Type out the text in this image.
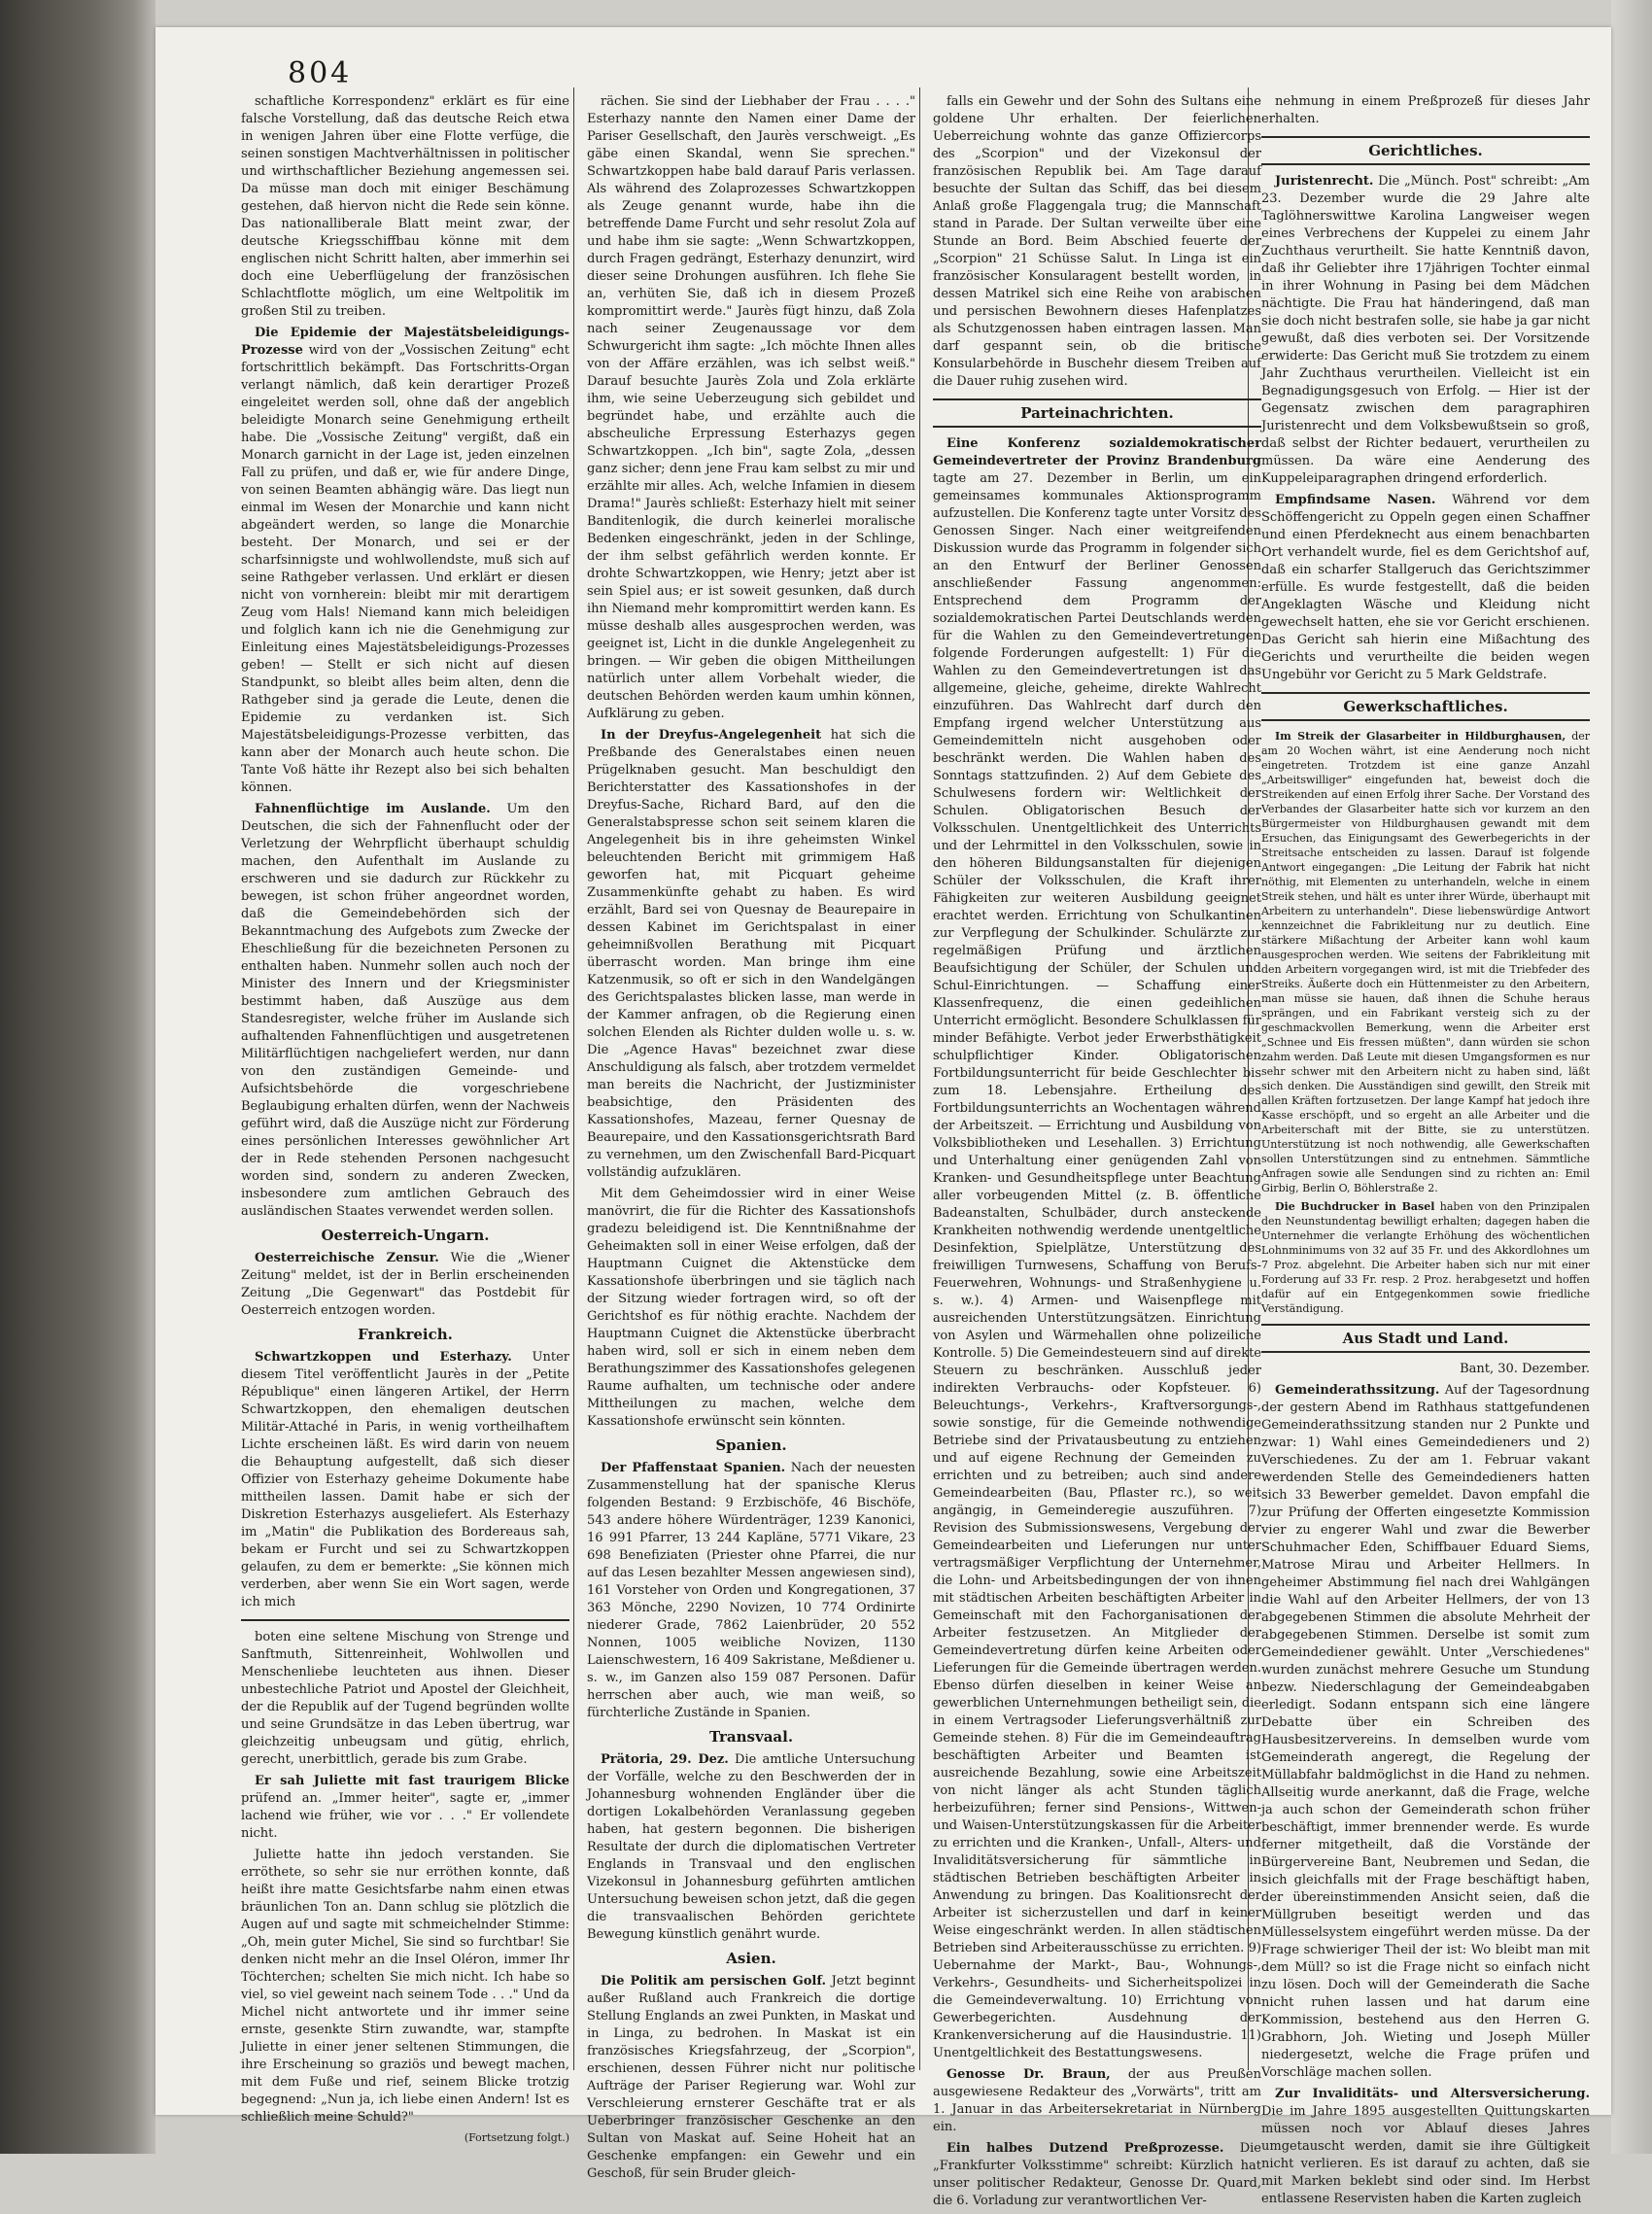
804

schaftliche Korrespondenz" erklärt es für eine falsche Vorstellung, daß das deutsche Reich etwa in wenigen Jahren über eine Flotte verfüge, die seinen sonstigen Machtverhältnissen in politischer und wirthschaftlicher Beziehung angemessen sei. Da müsse man doch mit einiger Beschämung gestehen, daß hiervon nicht die Rede sein könne. Das nationalliberale Blatt meint zwar, der deutsche Kriegsschiffbau könne mit dem englischen nicht Schritt halten, aber immerhin sei doch eine Ueberflügelung der französischen Schlachtflotte möglich, um eine Weltpolitik im großen Stil zu treiben.

Die Epidemie der Majestätsbeleidigungs-Prozesse wird von der „Vossischen Zeitung" echt fortschrittlich bekämpft. Das Fortschritts-Organ verlangt nämlich, daß kein derartiger Prozeß eingeleitet werden soll, ohne daß der angeblich beleidigte Monarch seine Genehmigung ertheilt habe. Die „Vossische Zeitung" vergißt, daß ein Monarch garnicht in der Lage ist, jeden einzelnen Fall zu prüfen, und daß er, wie für andere Dinge, von seinen Beamten abhängig wäre. Das liegt nun einmal im Wesen der Monarchie und kann nicht abgeändert werden, so lange die Monarchie besteht. Der Monarch, und sei er der scharfsinnigste und wohlwollendste, muß sich auf seine Rathgeber verlassen. Und erklärt er diesen nicht von vornherein: bleibt mir mit derartigem Zeug vom Hals! Niemand kann mich beleidigen und folglich kann ich nie die Genehmigung zur Einleitung eines Majestätsbeleidigungs-Prozesses geben! — Stellt er sich nicht auf diesen Standpunkt, so bleibt alles beim alten, denn die Rathgeber sind ja gerade die Leute, denen die Epidemie zu verdanken ist. Sich Majestätsbeleidigungs-Prozesse verbitten, das kann aber der Monarch auch heute schon. Die Tante Voß hätte ihr Rezept also bei sich behalten können.

Fahnenflüchtige im Auslande. Um den Deutschen, die sich der Fahnenflucht oder der Verletzung der Wehrpflicht überhaupt schuldig machen, den Aufenthalt im Auslande zu erschweren und sie dadurch zur Rückkehr zu bewegen, ist schon früher angeordnet worden, daß die Gemeindebehörden sich der Bekanntmachung des Aufgebots zum Zwecke der Eheschließung für die bezeichneten Personen zu enthalten haben. Nunmehr sollen auch noch der Minister des Innern und der Kriegsminister bestimmt haben, daß Auszüge aus dem Standesregister, welche früher im Auslande sich aufhaltenden Fahnenflüchtigen und ausgetretenen Militärflüchtigen nachgeliefert werden, nur dann von den zuständigen Gemeinde- und Aufsichtsbehörde die vorgeschriebene Beglaubigung erhalten dürfen, wenn der Nachweis geführt wird, daß die Auszüge nicht zur Förderung eines persönlichen Interesses gewöhnlicher Art der in Rede stehenden Personen nachgesucht worden sind, sondern zu anderen Zwecken, insbesondere zum amtlichen Gebrauch des ausländischen Staates verwendet werden sollen.

Oesterreich-Ungarn.

Oesterreichische Zensur. Wie die „Wiener Zeitung" meldet, ist der in Berlin erscheinenden Zeitung „Die Gegenwart" das Postdebit für Oesterreich entzogen worden.

Frankreich.

Schwartzkoppen und Esterhazy. Unter diesem Titel veröffentlicht Jaurès in der „Petite République" einen längeren Artikel, der Herrn Schwartzkoppen, den ehemaligen deutschen Militär-Attaché in Paris, in wenig vortheilhaftem Lichte erscheinen läßt. Es wird darin von neuem die Behauptung aufgestellt, daß sich dieser Offizier von Esterhazy geheime Dokumente habe mittheilen lassen. Damit habe er sich der Diskretion Esterhazys ausgeliefert. Als Esterhazy im „Matin" die Publikation des Bordereaus sah, bekam er Furcht und sei zu Schwartzkoppen gelaufen, zu dem er bemerkte: „Sie können mich verderben, aber wenn Sie ein Wort sagen, werde ich mich

boten eine seltene Mischung von Strenge und Sanftmuth, Sittenreinheit, Wohlwollen und Menschenliebe leuchteten aus ihnen. Dieser unbestechliche Patriot und Apostel der Gleichheit, der die Republik auf der Tugend begründen wollte und seine Grundsätze in das Leben übertrug, war gleichzeitig unbeugsam und gütig, ehrlich, gerecht, unerbittlich, gerade bis zum Grabe.

Er sah Juliette mit fast traurigem Blicke prüfend an. „Immer heiter", sagte er, „immer lachend wie früher, wie vor . . ." Er vollendete nicht.

Juliette hatte ihn jedoch verstanden. Sie erröthete, so sehr sie nur erröthen konnte, daß heißt ihre matte Gesichtsfarbe nahm einen etwas bräunlichen Ton an. Dann schlug sie plötzlich die Augen auf und sagte mit schmeichelnder Stimme: „Oh, mein guter Michel, Sie sind so furchtbar! Sie denken nicht mehr an die Insel Oléron, immer Ihr Töchterchen; schelten Sie mich nicht. Ich habe so viel, so viel geweint nach seinem Tode . . ." Und da Michel nicht antwortete und ihr immer seine ernste, gesenkte Stirn zuwandte, war, stampfte Juliette in einer jener seltenen Stimmungen, die ihre Erscheinung so graziös und bewegt machen, mit dem Fuße und rief, seinem Blicke trotzig begegnend: „Nun ja, ich liebe einen Andern! Ist es schließlich meine Schuld?"

(Fortsetzung folgt.)

rächen. Sie sind der Liebhaber der Frau . . . ." Esterhazy nannte den Namen einer Dame der Pariser Gesellschaft, den Jaurès verschweigt. „Es gäbe einen Skandal, wenn Sie sprechen." Schwartzkoppen habe bald darauf Paris verlassen. Als während des Zolaprozesses Schwartzkoppen als Zeuge genannt wurde, habe ihn die betreffende Dame Furcht und sehr resolut Zola auf und habe ihm sie sagte: „Wenn Schwartzkoppen, durch Fragen gedrängt, Esterhazy denunzirt, wird dieser seine Drohungen ausführen. Ich flehe Sie an, verhüten Sie, daß ich in diesem Prozeß kompromittirt werde." Jaurès fügt hinzu, daß Zola nach seiner Zeugenaussage vor dem Schwurgericht ihm sagte: „Ich möchte Ihnen alles von der Affäre erzählen, was ich selbst weiß." Darauf besuchte Jaurès Zola und Zola erklärte ihm, wie seine Ueberzeugung sich gebildet und begründet habe, und erzählte auch die abscheuliche Erpressung Esterhazys gegen Schwartzkoppen. „Ich bin", sagte Zola, „dessen ganz sicher; denn jene Frau kam selbst zu mir und erzählte mir alles. Ach, welche Infamien in diesem Drama!" Jaurès schließt: Esterhazy hielt mit seiner Banditenlogik, die durch keinerlei moralische Bedenken eingeschränkt, jeden in der Schlinge, der ihm selbst gefährlich werden konnte. Er drohte Schwartzkoppen, wie Henry; jetzt aber ist sein Spiel aus; er ist soweit gesunken, daß durch ihn Niemand mehr kompromittirt werden kann. Es müsse deshalb alles ausgesprochen werden, was geeignet ist, Licht in die dunkle Angelegenheit zu bringen. — Wir geben die obigen Mittheilungen natürlich unter allem Vorbehalt wieder, die deutschen Behörden werden kaum umhin können, Aufklärung zu geben.

In der Dreyfus-Angelegenheit hat sich die Preßbande des Generalstabes einen neuen Prügelknaben gesucht. Man beschuldigt den Berichterstatter des Kassationshofes in der Dreyfus-Sache, Richard Bard, auf den die Generalstabspresse schon seit seinem klaren die Angelegenheit bis in ihre geheimsten Winkel beleuchtenden Bericht mit grimmigem Haß geworfen hat, mit Picquart geheime Zusammenkünfte gehabt zu haben. Es wird erzählt, Bard sei von Quesnay de Beaurepaire in dessen Kabinet im Gerichtspalast in einer geheimnißvollen Berathung mit Picquart überrascht worden. Man bringe ihm eine Katzenmusik, so oft er sich in den Wandelgängen des Gerichtspalastes blicken lasse, man werde in der Kammer anfragen, ob die Regierung einen solchen Elenden als Richter dulden wolle u. s. w. Die „Agence Havas" bezeichnet zwar diese Anschuldigung als falsch, aber trotzdem vermeldet man bereits die Nachricht, der Justizminister beabsichtige, den Präsidenten des Kassationshofes, Mazeau, ferner Quesnay de Beaurepaire, und den Kassationsgerichtsrath Bard zu vernehmen, um den Zwischenfall Bard-Picquart vollständig aufzuklären.

Mit dem Geheimdossier wird in einer Weise manövrirt, die für die Richter des Kassationshofs gradezu beleidigend ist. Die Kenntnißnahme der Geheimakten soll in einer Weise erfolgen, daß der Hauptmann Cuignet die Aktenstücke dem Kassationshofe überbringen und sie täglich nach der Sitzung wieder fortragen wird, so oft der Gerichtshof es für nöthig erachte. Nachdem der Hauptmann Cuignet die Aktenstücke überbracht haben wird, soll er sich in einem neben dem Berathungszimmer des Kassationshofes gelegenen Raume aufhalten, um technische oder andere Mittheilungen zu machen, welche dem Kassationshofe erwünscht sein könnten.

Spanien.

Der Pfaffenstaat Spanien. Nach der neuesten Zusammenstellung hat der spanische Klerus folgenden Bestand: 9 Erzbischöfe, 46 Bischöfe, 543 andere höhere Würdenträger, 1239 Kanonici, 16 991 Pfarrer, 13 244 Kapläne, 5771 Vikare, 23 698 Benefiziaten (Priester ohne Pfarrei, die nur auf das Lesen bezahlter Messen angewiesen sind), 161 Vorsteher von Orden und Kongregationen, 37 363 Mönche, 2290 Novizen, 10 774 Ordinirte niederer Grade, 7862 Laienbrüder, 20 552 Nonnen, 1005 weibliche Novizen, 1130 Laienschwestern, 16 409 Sakristane, Meßdiener u. s. w., im Ganzen also 159 087 Personen. Dafür herrschen aber auch, wie man weiß, so fürchterliche Zustände in Spanien.

Transvaal.

Prätoria, 29. Dez. Die amtliche Untersuchung der Vorfälle, welche zu den Beschwerden der in Johannesburg wohnenden Engländer über die dortigen Lokalbehörden Veranlassung gegeben haben, hat gestern begonnen. Die bisherigen Resultate der durch die diplomatischen Vertreter Englands in Transvaal und den englischen Vizekonsul in Johannesburg geführten amtlichen Untersuchung beweisen schon jetzt, daß die gegen die transvaalischen Behörden gerichtete Bewegung künstlich genährt wurde.

Asien.

Die Politik am persischen Golf. Jetzt beginnt außer Rußland auch Frankreich die dortige Stellung Englands an zwei Punkten, in Maskat und in Linga, zu bedrohen. In Maskat ist ein französisches Kriegsfahrzeug, der „Scorpion", erschienen, dessen Führer nicht nur politische Aufträge der Pariser Regierung war. Wohl zur Verschleierung ernsterer Geschäfte trat er als Ueberbringer französischer Geschenke an den Sultan von Maskat auf. Seine Hoheit hat an Geschenke empfangen: ein Gewehr und ein Geschoß, für sein Bruder gleich-

falls ein Gewehr und der Sohn des Sultans eine goldene Uhr erhalten. Der feierlichen Ueberreichung wohnte das ganze Offiziercorps des „Scorpion" und der Vizekonsul der französischen Republik bei. Am Tage darauf besuchte der Sultan das Schiff, das bei diesem Anlaß große Flaggengala trug; die Mannschaft stand in Parade. Der Sultan verweilte über eine Stunde an Bord. Beim Abschied feuerte der „Scorpion" 21 Schüsse Salut. In Linga ist ein französischer Konsularagent bestellt worden, in dessen Matrikel sich eine Reihe von arabischen und persischen Bewohnern dieses Hafenplatzes als Schutzgenossen haben eintragen lassen. Man darf gespannt sein, ob die britische Konsularbehörde in Buschehr diesem Treiben auf die Dauer ruhig zusehen wird.

Parteinachrichten.

Eine Konferenz sozialdemokratischer Gemeindevertreter der Provinz Brandenburg tagte am 27. Dezember in Berlin, um ein gemeinsames kommunales Aktionsprogramm aufzustellen. Die Konferenz tagte unter Vorsitz des Genossen Singer. Nach einer weitgreifenden Diskussion wurde das Programm in folgender sich an den Entwurf der Berliner Genossen anschließender Fassung angenommen: Entsprechend dem Programm der sozialdemokratischen Partei Deutschlands werden für die Wahlen zu den Gemeindevertretungen folgende Forderungen aufgestellt: 1) Für die Wahlen zu den Gemeindevertretungen ist das allgemeine, gleiche, geheime, direkte Wahlrecht einzuführen. Das Wahlrecht darf durch den Empfang irgend welcher Unterstützung aus Gemeindemitteln nicht ausgehoben oder beschränkt werden. Die Wahlen haben des Sonntags stattzufinden. 2) Auf dem Gebiete des Schulwesens fordern wir: Weltlichkeit der Schulen. Obligatorischen Besuch der Volksschulen. Unentgeltlichkeit des Unterrichts und der Lehrmittel in den Volksschulen, sowie in den höheren Bildungsanstalten für diejenigen Schüler der Volksschulen, die Kraft ihrer Fähigkeiten zur weiteren Ausbildung geeignet erachtet werden. Errichtung von Schulkantinen zur Verpflegung der Schulkinder. Schulärzte zur regelmäßigen Prüfung und ärztlichen Beaufsichtigung der Schüler, der Schulen und Schul-Einrichtungen. — Schaffung einer Klassenfrequenz, die einen gedeihlichen Unterricht ermöglicht. Besondere Schulklassen für minder Befähigte. Verbot jeder Erwerbsthätigkeit schulpflichtiger Kinder. Obligatorischen Fortbildungsunterricht für beide Geschlechter bis zum 18. Lebensjahre. Ertheilung des Fortbildungsunterrichts an Wochentagen während der Arbeitszeit. — Errichtung und Ausbildung von Volksbibliotheken und Lesehallen. 3) Errichtung und Unterhaltung einer genügenden Zahl von Kranken- und Gesundheitspflege unter Beachtung aller vorbeugenden Mittel (z. B. öffentliche Badeanstalten, Schulbäder, durch ansteckende Krankheiten nothwendig werdende unentgeltliche Desinfektion, Spielplätze, Unterstützung des freiwilligen Turnwesens, Schaffung von Berufs-Feuerwehren, Wohnungs- und Straßenhygiene u. s. w.). 4) Armen- und Waisenpflege mit ausreichenden Unterstützungsätzen. Einrichtung von Asylen und Wärmehallen ohne polizeiliche Kontrolle. 5) Die Gemeindesteuern sind auf direkte Steuern zu beschränken. Ausschluß jeder indirekten Verbrauchs- oder Kopfsteuer. 6) Beleuchtungs-, Verkehrs-, Kraftversorgungs-, sowie sonstige, für die Gemeinde nothwendige Betriebe sind der Privatausbeutung zu entziehen und auf eigene Rechnung der Gemeinden zu errichten und zu betreiben; auch sind andere Gemeindearbeiten (Bau, Pflaster rc.), so weit angängig, in Gemeinderegie auszuführen. 7) Revision des Submissionswesens, Vergebung der Gemeindearbeiten und Lieferungen nur unter vertragsmäßiger Verpflichtung der Unternehmer, die Lohn- und Arbeitsbedingungen der von ihnen mit städtischen Arbeiten beschäftigten Arbeiter in Gemeinschaft mit den Fachorganisationen der Arbeiter festzusetzen. An Mitglieder der Gemeindevertretung dürfen keine Arbeiten oder Lieferungen für die Gemeinde übertragen werden. Ebenso dürfen dieselben in keiner Weise an gewerblichen Unternehmungen betheiligt sein, die in einem Vertragsoder Lieferungsverhältniß zur Gemeinde stehen. 8) Für die im Gemeindeauftrag beschäftigten Arbeiter und Beamten ist ausreichende Bezahlung, sowie eine Arbeitszeit von nicht länger als acht Stunden täglich herbeizuführen; ferner sind Pensions-, Wittwen- und Waisen-Unterstützungskassen für die Arbeiter zu errichten und die Kranken-, Unfall-, Alters- und Invaliditätsversicherung für sämmtliche in städtischen Betrieben beschäftigten Arbeiter in Anwendung zu bringen. Das Koalitionsrecht der Arbeiter ist sicherzustellen und darf in keiner Weise eingeschränkt werden. In allen städtischen Betrieben sind Arbeiterausschüsse zu errichten. 9) Uebernahme der Markt-, Bau-, Wohnungs-, Verkehrs-, Gesundheits- und Sicherheitspolizei in die Gemeindeverwaltung. 10) Errichtung von Gewerbegerichten. Ausdehnung der Krankenversicherung auf die Hausindustrie. 11) Unentgeltlichkeit des Bestattungswesens.

Genosse Dr. Braun, der aus Preußen ausgewiesene Redakteur des „Vorwärts", tritt am 1. Januar in das Arbeitersekretariat in Nürnberg ein.

Ein halbes Dutzend Preßprozesse. Die „Frankfurter Volksstimme" schreibt: Kürzlich hat unser politischer Redakteur, Genosse Dr. Quard, die 6. Vorladung zur verantwortlichen Ver-

nehmung in einem Preßprozeß für dieses Jahr erhalten.

Gerichtliches.

Juristenrecht. Die „Münch. Post" schreibt: „Am 23. Dezember wurde die 29 Jahre alte Taglöhnerswittwe Karolina Langweiser wegen eines Verbrechens der Kuppelei zu einem Jahr Zuchthaus verurtheilt. Sie hatte Kenntniß davon, daß ihr Geliebter ihre 17jährigen Tochter einmal in ihrer Wohnung in Pasing bei dem Mädchen nächtigte. Die Frau hat händeringend, daß man sie doch nicht bestrafen solle, sie habe ja gar nicht gewußt, daß dies verboten sei. Der Vorsitzende erwiderte: Das Gericht muß Sie trotzdem zu einem Jahr Zuchthaus verurtheilen. Vielleicht ist ein Begnadigungsgesuch von Erfolg. — Hier ist der Gegensatz zwischen dem paragraphiren Juristenrecht und dem Volksbewußtsein so groß, daß selbst der Richter bedauert, verurtheilen zu müssen. Da wäre eine Aenderung des Kuppeleiparagraphen dringend erforderlich.

Empfindsame Nasen. Während vor dem Schöffengericht zu Oppeln gegen einen Schaffner und einen Pferdeknecht aus einem benachbarten Ort verhandelt wurde, fiel es dem Gerichtshof auf, daß ein scharfer Stallgeruch das Gerichtszimmer erfülle. Es wurde festgestellt, daß die beiden Angeklagten Wäsche und Kleidung nicht gewechselt hatten, ehe sie vor Gericht erschienen. Das Gericht sah hierin eine Mißachtung des Gerichts und verurtheilte die beiden wegen Ungebühr vor Gericht zu 5 Mark Geldstrafe.

Gewerkschaftliches.

Im Streik der Glasarbeiter in Hildburghausen, der am 20 Wochen währt, ist eine Aenderung noch nicht eingetreten. Trotzdem ist eine ganze Anzahl „Arbeitswilliger" eingefunden hat, beweist doch die Streikenden auf einen Erfolg ihrer Sache. Der Vorstand des Verbandes der Glasarbeiter hatte sich vor kurzem an den Bürgermeister von Hildburghausen gewandt mit dem Ersuchen, das Einigungsamt des Gewerbegerichts in der Streitsache entscheiden zu lassen. Darauf ist folgende Antwort eingegangen: „Die Leitung der Fabrik hat nicht nöthig, mit Elementen zu unterhandeln, welche in einem Streik stehen, und hält es unter ihrer Würde, überhaupt mit Arbeitern zu unterhandeln". Diese liebenswürdige Antwort kennzeichnet die Fabrikleitung nur zu deutlich. Eine stärkere Mißachtung der Arbeiter kann wohl kaum ausgesprochen werden. Wie seitens der Fabrikleitung mit den Arbeitern vorgegangen wird, ist mit die Triebfeder des Streiks. Äußerte doch ein Hüttenmeister zu den Arbeitern, man müsse sie hauen, daß ihnen die Schuhe heraus sprängen, und ein Fabrikant versteig sich zu der geschmackvollen Bemerkung, wenn die Arbeiter erst „Schnee und Eis fressen müßten", dann würden sie schon zahm werden. Daß Leute mit diesen Umgangsformen es nur sehr schwer mit den Arbeitern nicht zu haben sind, läßt sich denken. Die Ausständigen sind gewillt, den Streik mit allen Kräften fortzusetzen. Der lange Kampf hat jedoch ihre Kasse erschöpft, und so ergeht an alle Arbeiter und die Arbeiterschaft mit der Bitte, sie zu unterstützen. Unterstützung ist noch nothwendig, alle Gewerkschaften sollen Unterstützungen sind zu entnehmen. Sämmtliche Anfragen sowie alle Sendungen sind zu richten an: Emil Girbig, Berlin O, Böhlerstraße 2.

Die Buchdrucker in Basel haben von den Prinzipalen den Neunstundentag bewilligt erhalten; dagegen haben die Unternehmer die verlangte Erhöhung des wöchentlichen Lohnminimums von 32 auf 35 Fr. und des Akkordlohnes um 7 Proz. abgelehnt. Die Arbeiter haben sich nur mit einer Forderung auf 33 Fr. resp. 2 Proz. herabgesetzt und hoffen dafür auf ein Entgegenkommen sowie friedliche Verständigung.

Aus Stadt und Land.

Bant, 30. Dezember.

Gemeinderathssitzung. Auf der Tagesordnung der gestern Abend im Rathhaus stattgefundenen Gemeinderathssitzung standen nur 2 Punkte und zwar: 1) Wahl eines Gemeindedieners und 2) Verschiedenes. Zu der am 1. Februar vakant werdenden Stelle des Gemeindedieners hatten sich 33 Bewerber gemeldet. Davon empfahl die zur Prüfung der Offerten eingesetzte Kommission vier zu engerer Wahl und zwar die Bewerber Schuhmacher Eden, Schiffbauer Eduard Siems, Matrose Mirau und Arbeiter Hellmers. In geheimer Abstimmung fiel nach drei Wahlgängen die Wahl auf den Arbeiter Hellmers, der von 13 abgegebenen Stimmen die absolute Mehrheit der abgegebenen Stimmen. Derselbe ist somit zum Gemeindediener gewählt. Unter „Verschiedenes" wurden zunächst mehrere Gesuche um Stundung bezw. Niederschlagung der Gemeindeabgaben erledigt. Sodann entspann sich eine längere Debatte über ein Schreiben des Hausbesitzervereins. In demselben wurde vom Gemeinderath angeregt, die Regelung der Müllabfahr baldmöglichst in die Hand zu nehmen. Allseitig wurde anerkannt, daß die Frage, welche ja auch schon der Gemeinderath schon früher beschäftigt, immer brennender werde. Es wurde ferner mitgetheilt, daß die Vorstände der Bürgervereine Bant, Neubremen und Sedan, die sich gleichfalls mit der Frage beschäftigt haben, der übereinstimmenden Ansicht seien, daß die Müllgruben beseitigt werden und das Müllesselsystem eingeführt werden müsse. Da der Frage schwieriger Theil der ist: Wo bleibt man mit dem Müll? so ist die Frage nicht so einfach nicht zu lösen. Doch will der Gemeinderath die Sache nicht ruhen lassen und hat darum eine Kommission, bestehend aus den Herren G. Grabhorn, Joh. Wieting und Joseph Müller niedergesetzt, welche die Frage prüfen und Vorschläge machen sollen.

Zur Invaliditäts- und Altersversicherung. Die im Jahre 1895 ausgestellten Quittungskarten müssen noch vor Ablauf dieses Jahres umgetauscht werden, damit sie ihre Gültigkeit nicht verlieren. Es ist darauf zu achten, daß sie mit Marken beklebt sind oder sind. Im Herbst entlassene Reservisten haben die Karten zugleich
